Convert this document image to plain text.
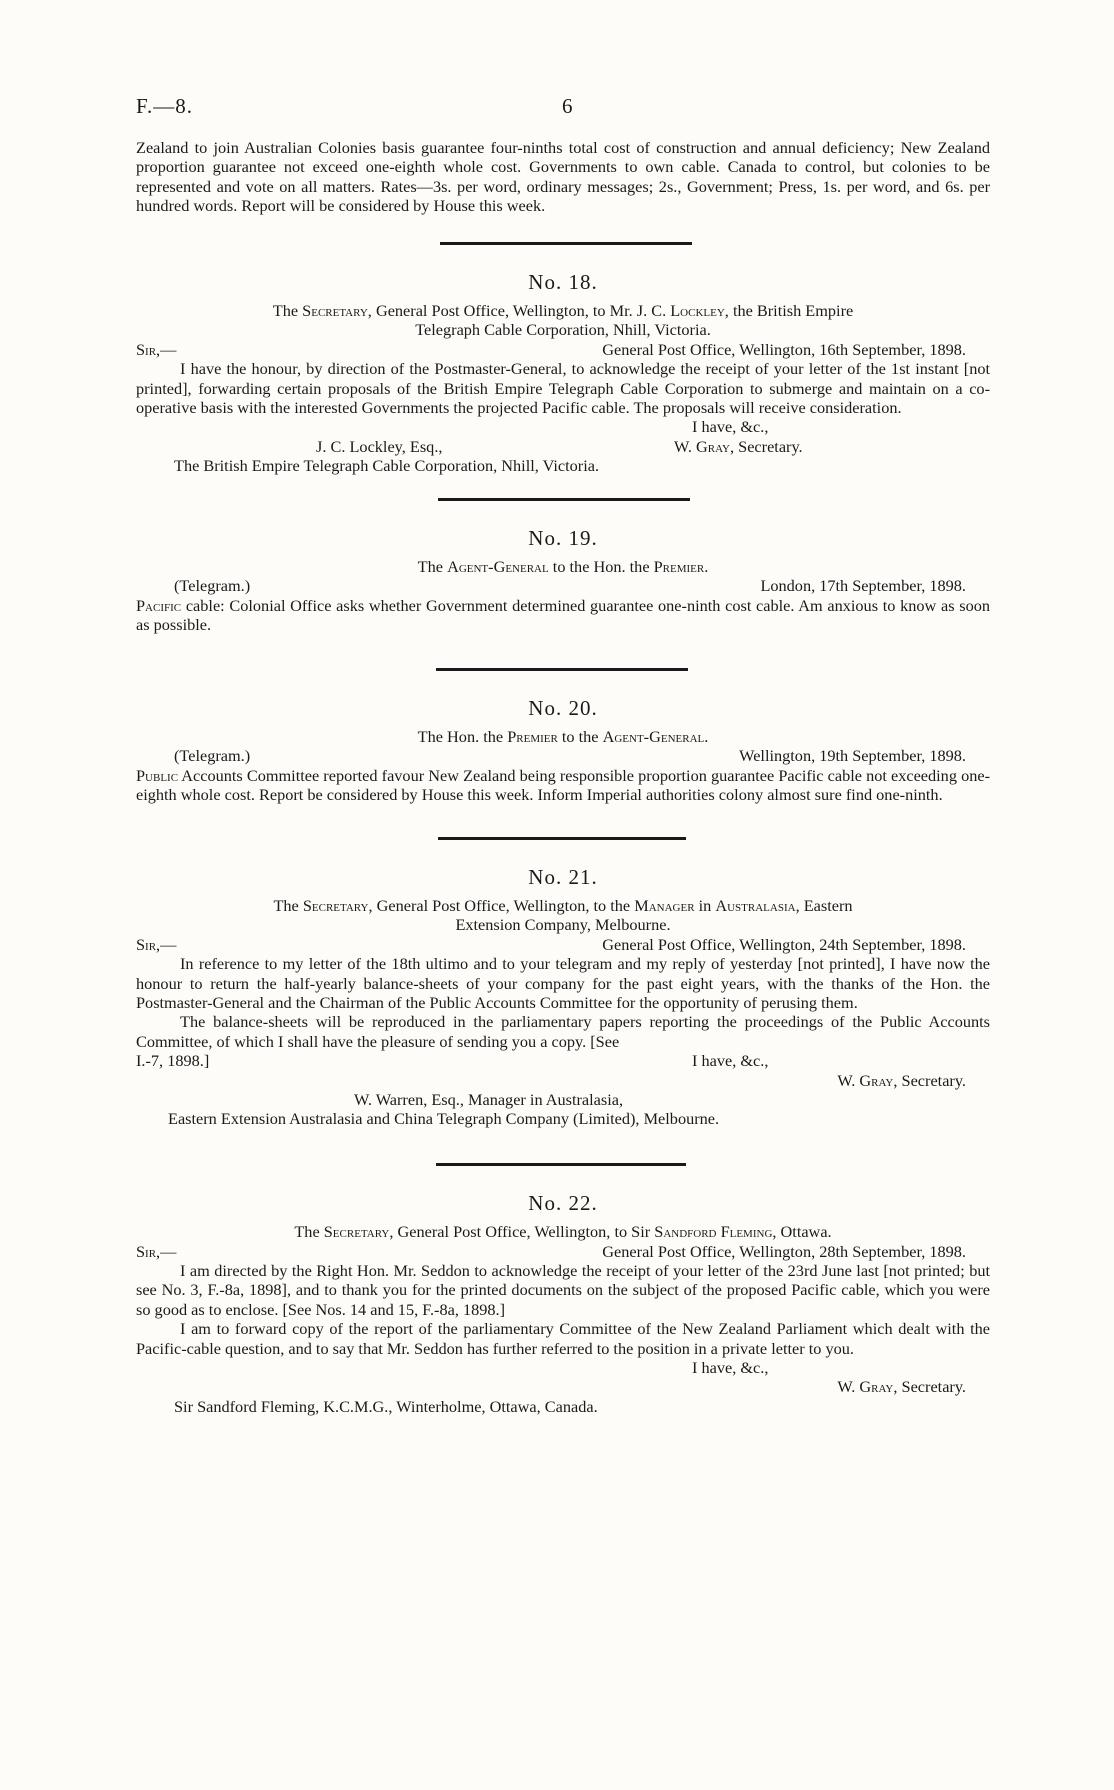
F.—8.	6

Zealand to join Australian Colonies basis guarantee four-ninths total cost of construction and annual deficiency; New Zealand proportion guarantee not exceed one-eighth whole cost. Governments to own cable. Canada to control, but colonies to be represented and vote on all matters. Rates—3s. per word, ordinary messages; 2s., Government; Press, 1s. per word, and 6s. per hundred words. Report will be considered by House this week.

No. 18.
The Secretary, General Post Office, Wellington, to Mr. J. C. Lockley, the British Empire
Telegraph Cable Corporation, Nhill, Victoria.
Sir,—	General Post Office, Wellington, 16th September, 1898.

I have the honour, by direction of the Postmaster-General, to acknowledge the receipt of your letter of the 1st instant [not printed], forwarding certain proposals of the British Empire Telegraph Cable Corporation to submerge and maintain on a co-operative basis with the interested Governments the projected Pacific cable. The proposals will receive consideration.

I have, &c.,
J. C. Lockley, Esq.,	W. Gray, Secretary.
The British Empire Telegraph Cable Corporation, Nhill, Victoria.
No. 19.
The Agent-General to the Hon. the Premier.
(Telegram.)	London, 17th September, 1898.

Pacific cable: Colonial Office asks whether Government determined guarantee one-ninth cost cable. Am anxious to know as soon as possible.

No. 20.
The Hon. the Premier to the Agent-General.
(Telegram.)	Wellington, 19th September, 1898.

Public Accounts Committee reported favour New Zealand being responsible proportion guarantee Pacific cable not exceeding one-eighth whole cost. Report be considered by House this week. Inform Imperial authorities colony almost sure find one-ninth.

No. 21.
The Secretary, General Post Office, Wellington, to the Manager in Australasia, Eastern
Extension Company, Melbourne.
Sir,—	General Post Office, Wellington, 24th September, 1898.

In reference to my letter of the 18th ultimo and to your telegram and my reply of yesterday [not printed], I have now the honour to return the half-yearly balance-sheets of your company for the past eight years, with the thanks of the Hon. the Postmaster-General and the Chairman of the Public Accounts Committee for the opportunity of perusing them.

The balance-sheets will be reproduced in the parliamentary papers reporting the proceedings of the Public Accounts Committee, of which I shall have the pleasure of sending you a copy. [See

I.-7, 1898.]	I have, &c.,
W. Gray, Secretary.
W. Warren, Esq., Manager in Australasia,
Eastern Extension Australasia and China Telegraph Company (Limited), Melbourne.
No. 22.
The Secretary, General Post Office, Wellington, to Sir Sandford Fleming, Ottawa.
Sir,—	General Post Office, Wellington, 28th September, 1898.

I am directed by the Right Hon. Mr. Seddon to acknowledge the receipt of your letter of the 23rd June last [not printed; but see No. 3, F.-8a, 1898], and to thank you for the printed documents on the subject of the proposed Pacific cable, which you were so good as to enclose. [See Nos. 14 and 15, F.-8a, 1898.]

I am to forward copy of the report of the parliamentary Committee of the New Zealand Parliament which dealt with the Pacific-cable question, and to say that Mr. Seddon has further referred to the position in a private letter to you.

I have, &c.,
W. Gray, Secretary.
Sir Sandford Fleming, K.C.M.G., Winterholme, Ottawa, Canada.
